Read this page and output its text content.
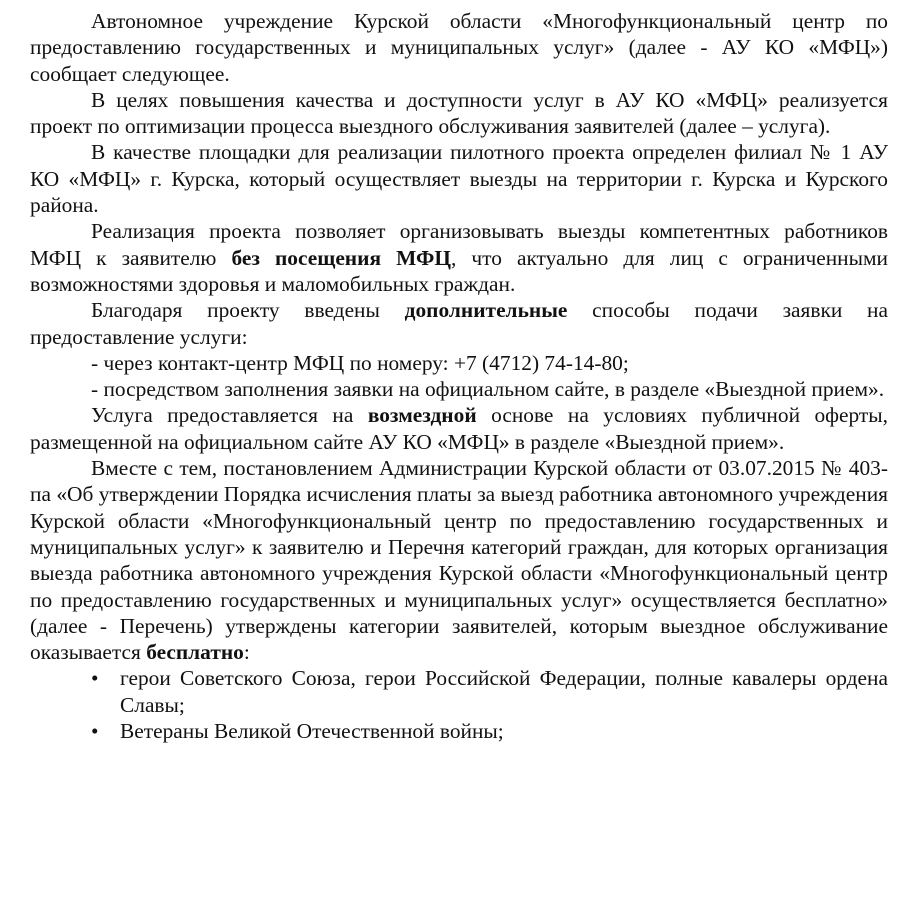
Автономное учреждение Курской области «Многофункциональный центр по предоставлению государственных и муниципальных услуг» (далее - АУ КО «МФЦ») сообщает следующее.

В целях повышения качества и доступности услуг в АУ КО «МФЦ» реализуется проект по оптимизации процесса выездного обслуживания заявителей (далее – услуга).

В качестве площадки для реализации пилотного проекта определен филиал № 1 АУ КО «МФЦ» г. Курска, который осуществляет выезды на территории г. Курска и Курского района.

Реализация проекта позволяет организовывать выезды компетентных работников МФЦ к заявителю без посещения МФЦ, что актуально для лиц с ограниченными возможностями здоровья и маломобильных граждан.

Благодаря проекту введены дополнительные способы подачи заявки на предоставление услуги:

- через контакт-центр МФЦ по номеру: +7 (4712) 74-14-80;

- посредством заполнения заявки на официальном сайте, в разделе «Выездной прием».

Услуга предоставляется на возмездной основе на условиях публичной оферты, размещенной на официальном сайте АУ КО «МФЦ» в разделе «Выездной прием».

Вместе с тем, постановлением Администрации Курской области от 03.07.2015 № 403-па «Об утверждении Порядка исчисления платы за выезд работника автономного учреждения Курской области «Многофункциональный центр по предоставлению государственных и муниципальных услуг» к заявителю и Перечня категорий граждан, для которых организация выезда работника автономного учреждения Курской области «Многофункциональный центр по предоставлению государственных и муниципальных услуг» осуществляется бесплатно» (далее - Перечень) утверждены категории заявителей, которым выездное обслуживание оказывается бесплатно:

• герои Советского Союза, герои Российской Федерации, полные кавалеры ордена Славы;

• Ветераны Великой Отечественной войны;
